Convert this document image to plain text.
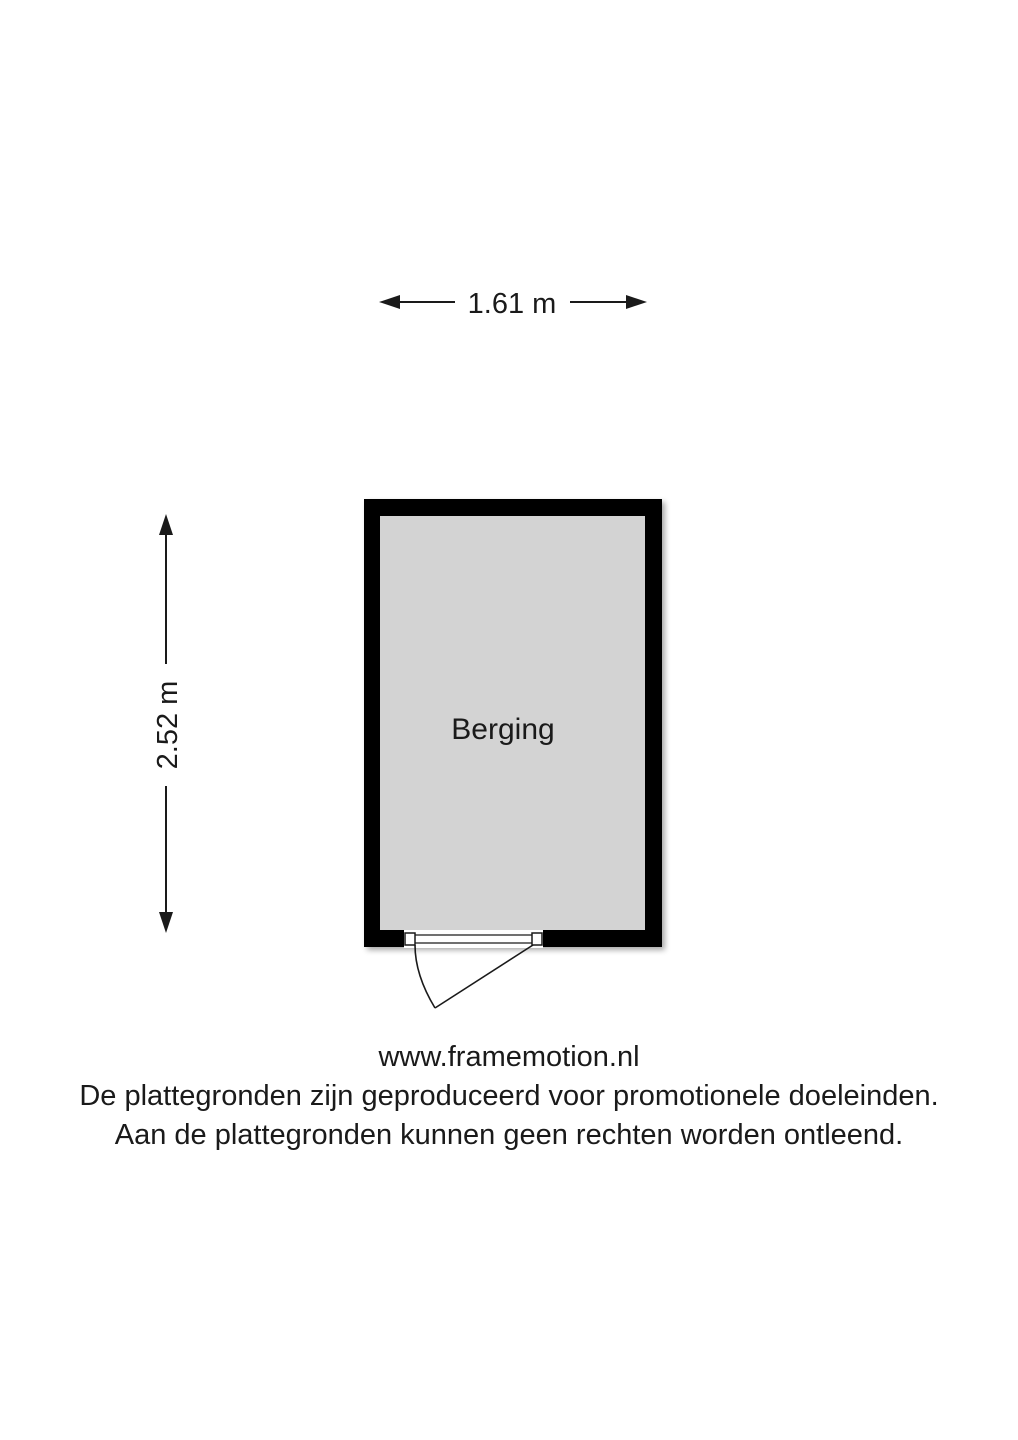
1.61 m
2.52 m	Berging
www.framemotion.nl
De plattegronden zijn geproduceerd voor promotionele doeleinden.
Aan de plattegronden kunnen geen rechten worden ontleend.
